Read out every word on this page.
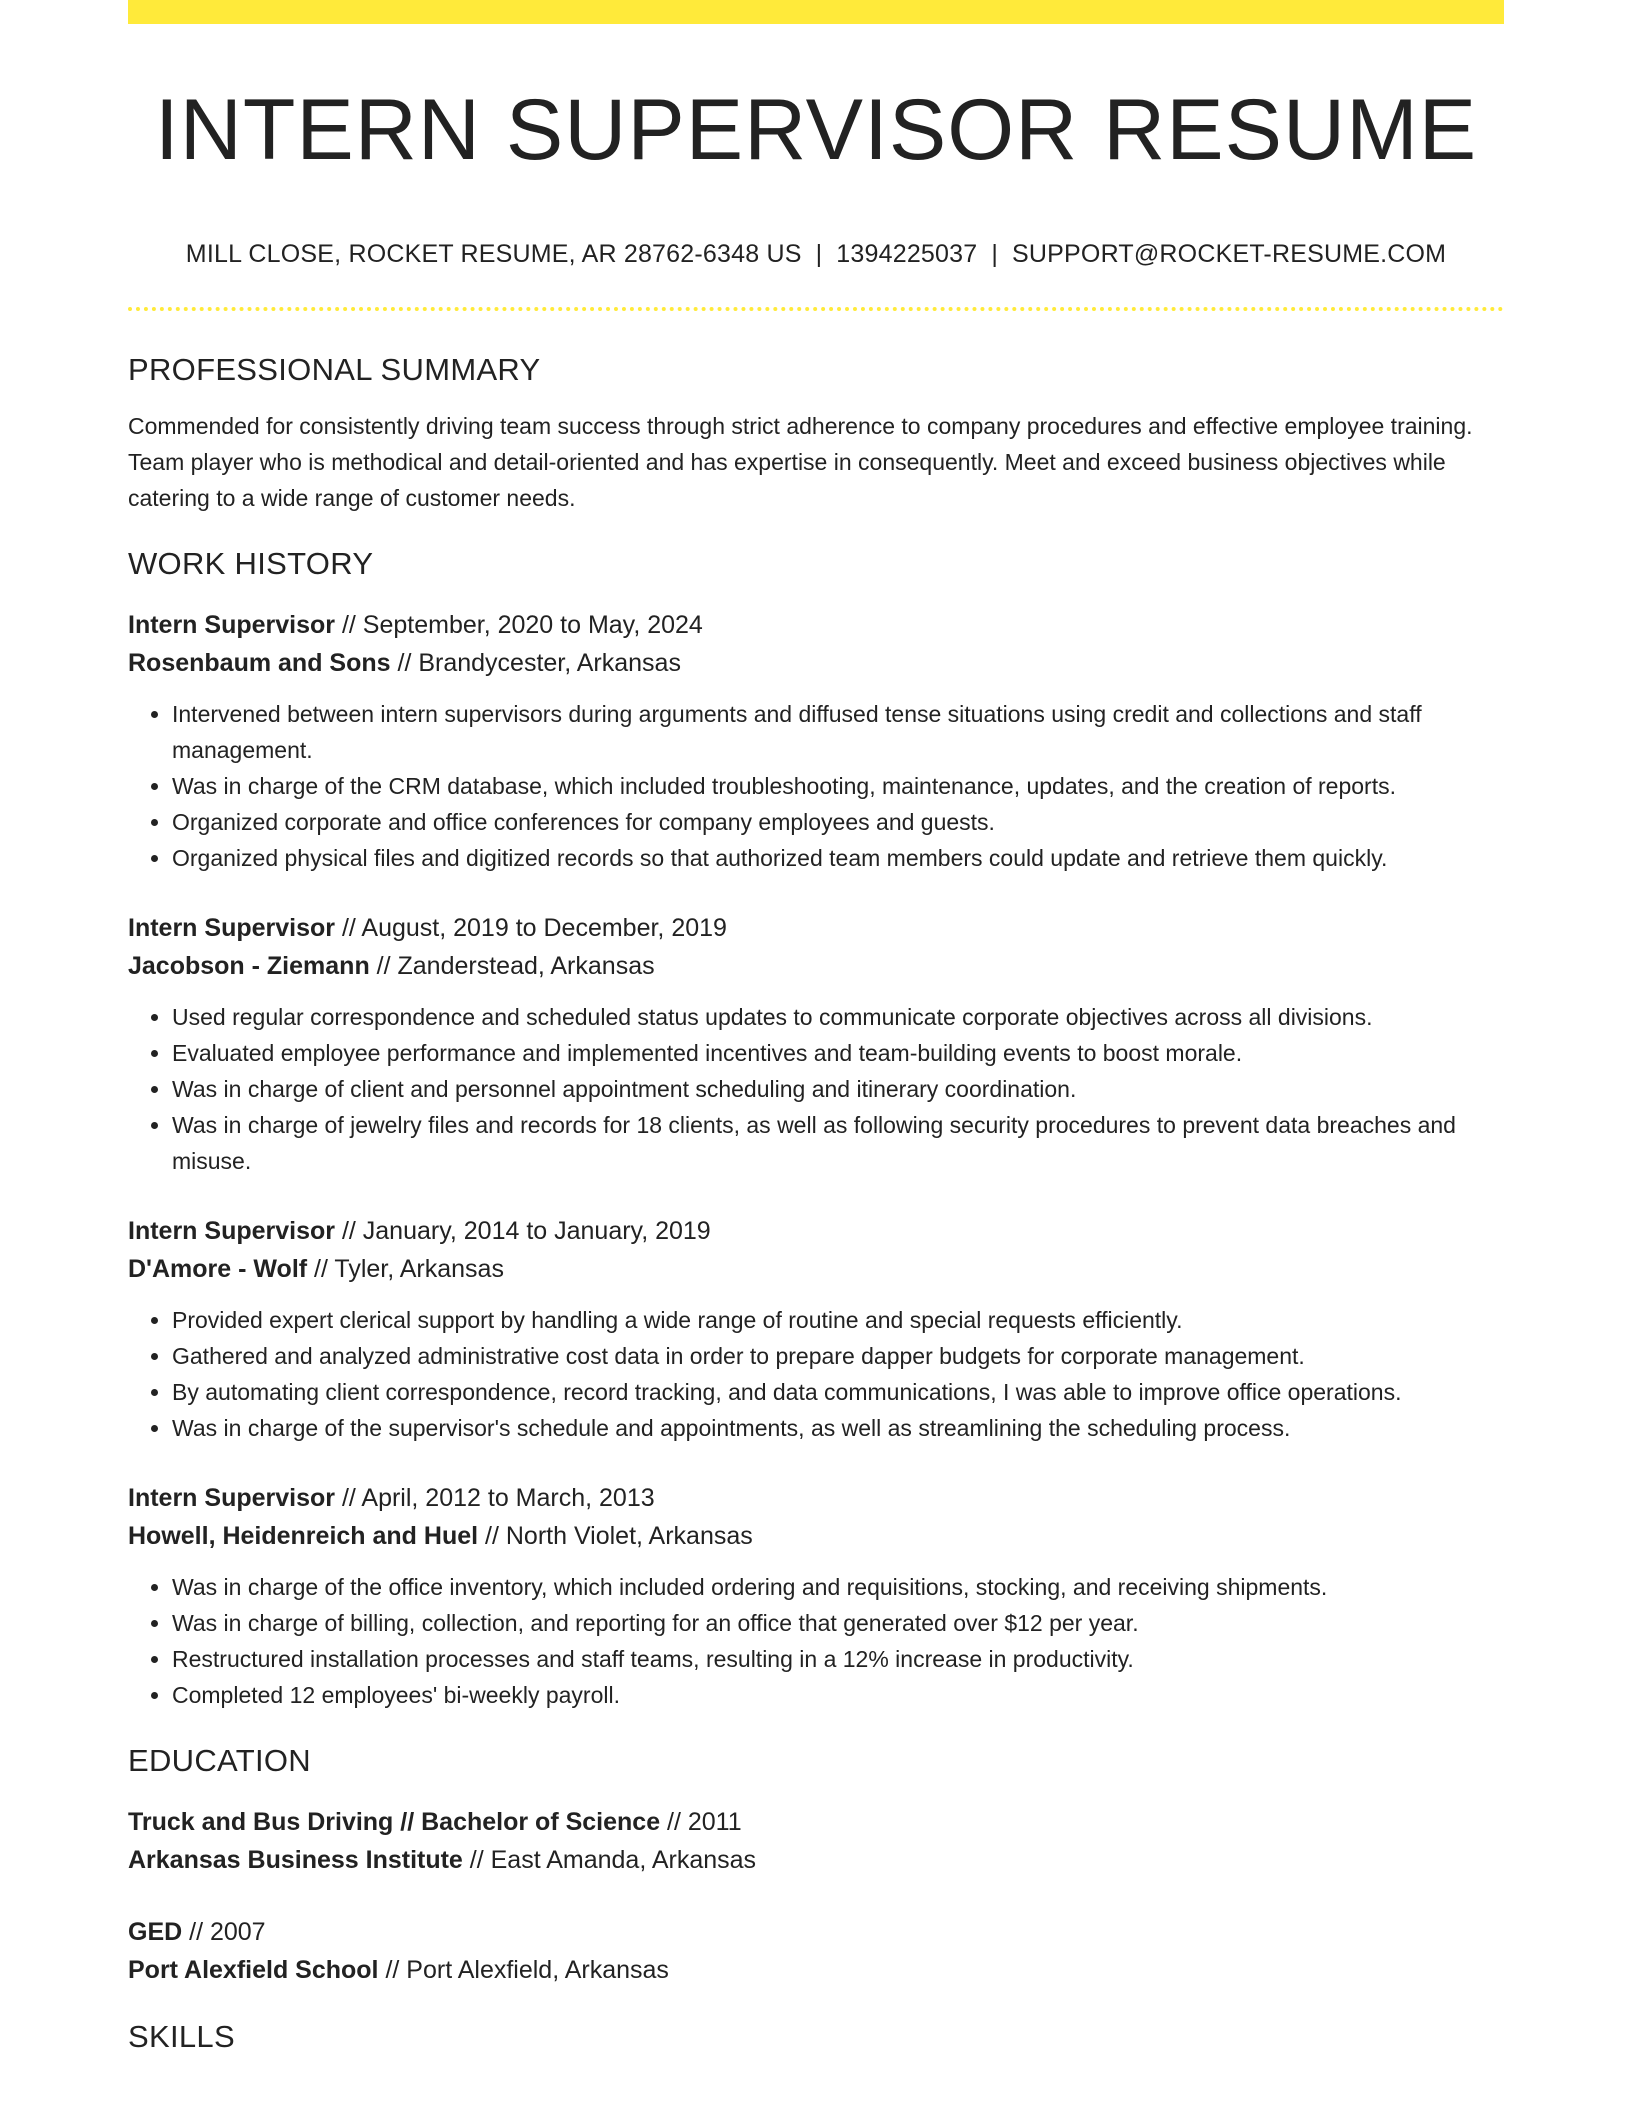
INTERN SUPERVISOR RESUME
MILL CLOSE, ROCKET RESUME, AR 28762-6348 US | 1394225037 | SUPPORT@ROCKET-RESUME.COM
PROFESSIONAL SUMMARY

Commended for consistently driving team success through strict adherence to company procedures and effective employee training. Team player who is methodical and detail-oriented and has expertise in consequently. Meet and exceed business objectives while catering to a wide range of customer needs.

WORK HISTORY
Intern Supervisor // September, 2020 to May, 2024
Rosenbaum and Sons // Brandycester, Arkansas
• Intervened between intern supervisors during arguments and diffused tense situations using credit and collections and staff management.
• Was in charge of the CRM database, which included troubleshooting, maintenance, updates, and the creation of reports.
• Organized corporate and office conferences for company employees and guests.
• Organized physical files and digitized records so that authorized team members could update and retrieve them quickly.
Intern Supervisor // August, 2019 to December, 2019
Jacobson - Ziemann // Zanderstead, Arkansas
• Used regular correspondence and scheduled status updates to communicate corporate objectives across all divisions.
• Evaluated employee performance and implemented incentives and team-building events to boost morale.
• Was in charge of client and personnel appointment scheduling and itinerary coordination.
• Was in charge of jewelry files and records for 18 clients, as well as following security procedures to prevent data breaches and misuse.
Intern Supervisor // January, 2014 to January, 2019
D'Amore - Wolf // Tyler, Arkansas
• Provided expert clerical support by handling a wide range of routine and special requests efficiently.
• Gathered and analyzed administrative cost data in order to prepare dapper budgets for corporate management.
• By automating client correspondence, record tracking, and data communications, I was able to improve office operations.
• Was in charge of the supervisor's schedule and appointments, as well as streamlining the scheduling process.
Intern Supervisor // April, 2012 to March, 2013
Howell, Heidenreich and Huel // North Violet, Arkansas
• Was in charge of the office inventory, which included ordering and requisitions, stocking, and receiving shipments.
• Was in charge of billing, collection, and reporting for an office that generated over $12 per year.
• Restructured installation processes and staff teams, resulting in a 12% increase in productivity.
• Completed 12 employees' bi-weekly payroll.
EDUCATION
Truck and Bus Driving // Bachelor of Science // 2011
Arkansas Business Institute // East Amanda, Arkansas
GED // 2007
Port Alexfield School // Port Alexfield, Arkansas
SKILLS
